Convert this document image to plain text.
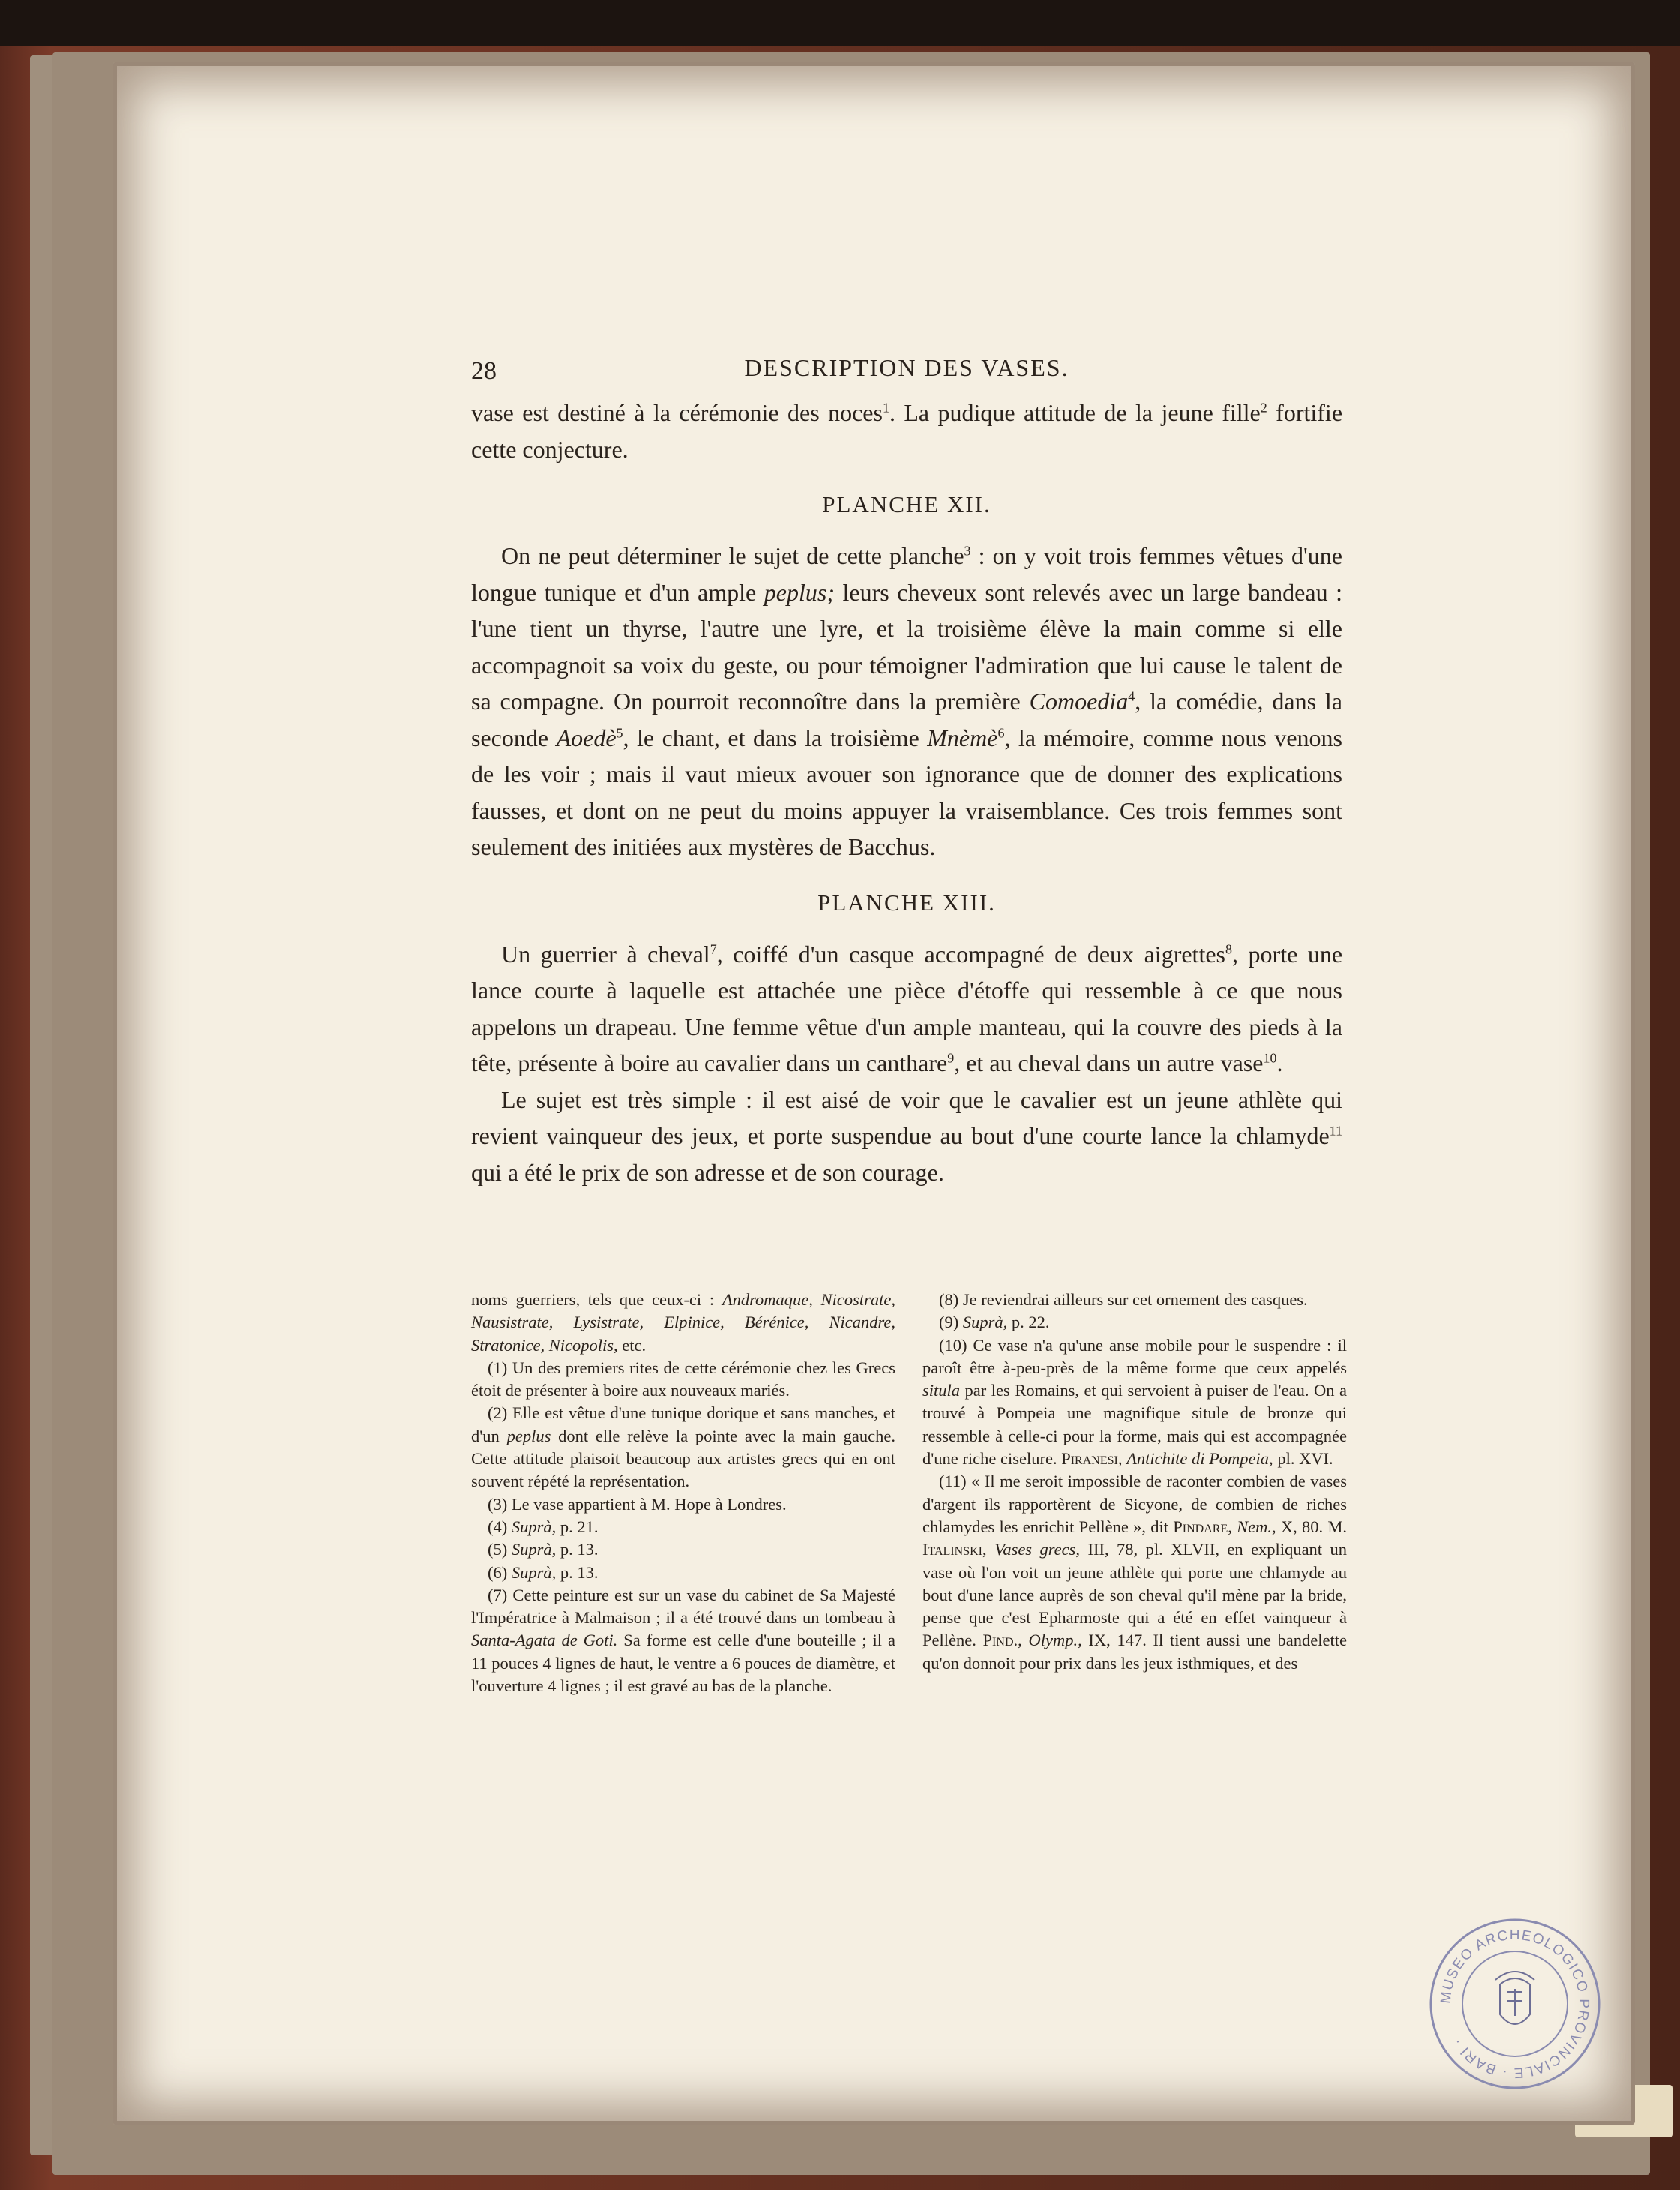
28	DESCRIPTION DES VASES.

vase est destiné à la cérémonie des noces$^1$. La pudique attitude de la jeune fille$^2$ fortifie cette conjecture.

PLANCHE XII.

On ne peut déterminer le sujet de cette planche$^3$ : on y voit trois femmes vêtues d'une longue tunique et d'un ample peplus; leurs cheveux sont relevés avec un large bandeau : l'une tient un thyrse, l'autre une lyre, et la troisième élève la main comme si elle accompagnoit sa voix du geste, ou pour témoigner l'admiration que lui cause le talent de sa compagne. On pourroit reconnoître dans la première Comoedia$^4$, la comédie, dans la seconde Aoedè$^5$, le chant, et dans la troisième Mnèmè$^6$, la mémoire, comme nous venons de les voir ; mais il vaut mieux avouer son ignorance que de donner des explications fausses, et dont on ne peut du moins appuyer la vraisemblance. Ces trois femmes sont seulement des initiées aux mystères de Bacchus.

PLANCHE XIII.

Un guerrier à cheval$^7$, coiffé d'un casque accompagné de deux aigrettes$^8$, porte une lance courte à laquelle est attachée une pièce d'étoffe qui ressemble à ce que nous appelons un drapeau. Une femme vêtue d'un ample manteau, qui la couvre des pieds à la tête, présente à boire au cavalier dans un canthare$^9$, et au cheval dans un autre vase$^{10}$.

Le sujet est très simple : il est aisé de voir que le cavalier est un jeune athlète qui revient vainqueur des jeux, et porte suspendue au bout d'une courte lance la chlamyde$^{11}$ qui a été le prix de son adresse et de son courage.

noms guerriers, tels que ceux-ci : Andromaque, Nicostrate, Nausistrate, Lysistrate, Elpinice, Bérénice, Nicandre, Stratonice, Nicopolis, etc.

(1) Un des premiers rites de cette cérémonie chez les Grecs étoit de présenter à boire aux nouveaux mariés.

(2) Elle est vêtue d'une tunique dorique et sans manches, et d'un peplus dont elle relève la pointe avec la main gauche. Cette attitude plaisoit beaucoup aux artistes grecs qui en ont souvent répété la représentation.

(3) Le vase appartient à M. Hope à Londres.

(4) Suprà, p. 21.

(5) Suprà, p. 13.

(6) Suprà, p. 13.

(7) Cette peinture est sur un vase du cabinet de Sa Majesté l'Impératrice à Malmaison ; il a été trouvé dans un tombeau à Santa-Agata de Goti. Sa forme est celle d'une bouteille ; il a 11 pouces 4 lignes de haut, le ventre a 6 pouces de diamètre, et l'ouverture 4 lignes ; il est gravé au bas de la planche.

(8) Je reviendrai ailleurs sur cet ornement des casques.

(9) Suprà, p. 22.

(10) Ce vase n'a qu'une anse mobile pour le suspendre : il paroît être à-peu-près de la même forme que ceux appelés situla par les Romains, et qui servoient à puiser de l'eau. On a trouvé à Pompeia une magnifique situle de bronze qui ressemble à celle-ci pour la forme, mais qui est accompagnée d'une riche ciselure. Piranesi, Antichite di Pompeia, pl. XVI.

(11) « Il me seroit impossible de raconter combien de vases d'argent ils rapportèrent de Sicyone, de combien de riches chlamydes les enrichit Pellène », dit Pindare, Nem., X, 80. M. Italinski, Vases grecs, III, 78, pl. XLVII, en expliquant un vase où l'on voit un jeune athlète qui porte une chlamyde au bout d'une lance auprès de son cheval qu'il mène par la bride, pense que c'est Epharmoste qui a été en effet vainqueur à Pellène. Pind., Olymp., IX, 147. Il tient aussi une bandelette qu'on donnoit pour prix dans les jeux isthmiques, et des

MUSEO ARCHEOLOGICO PROVINCIALE · BARI ·
